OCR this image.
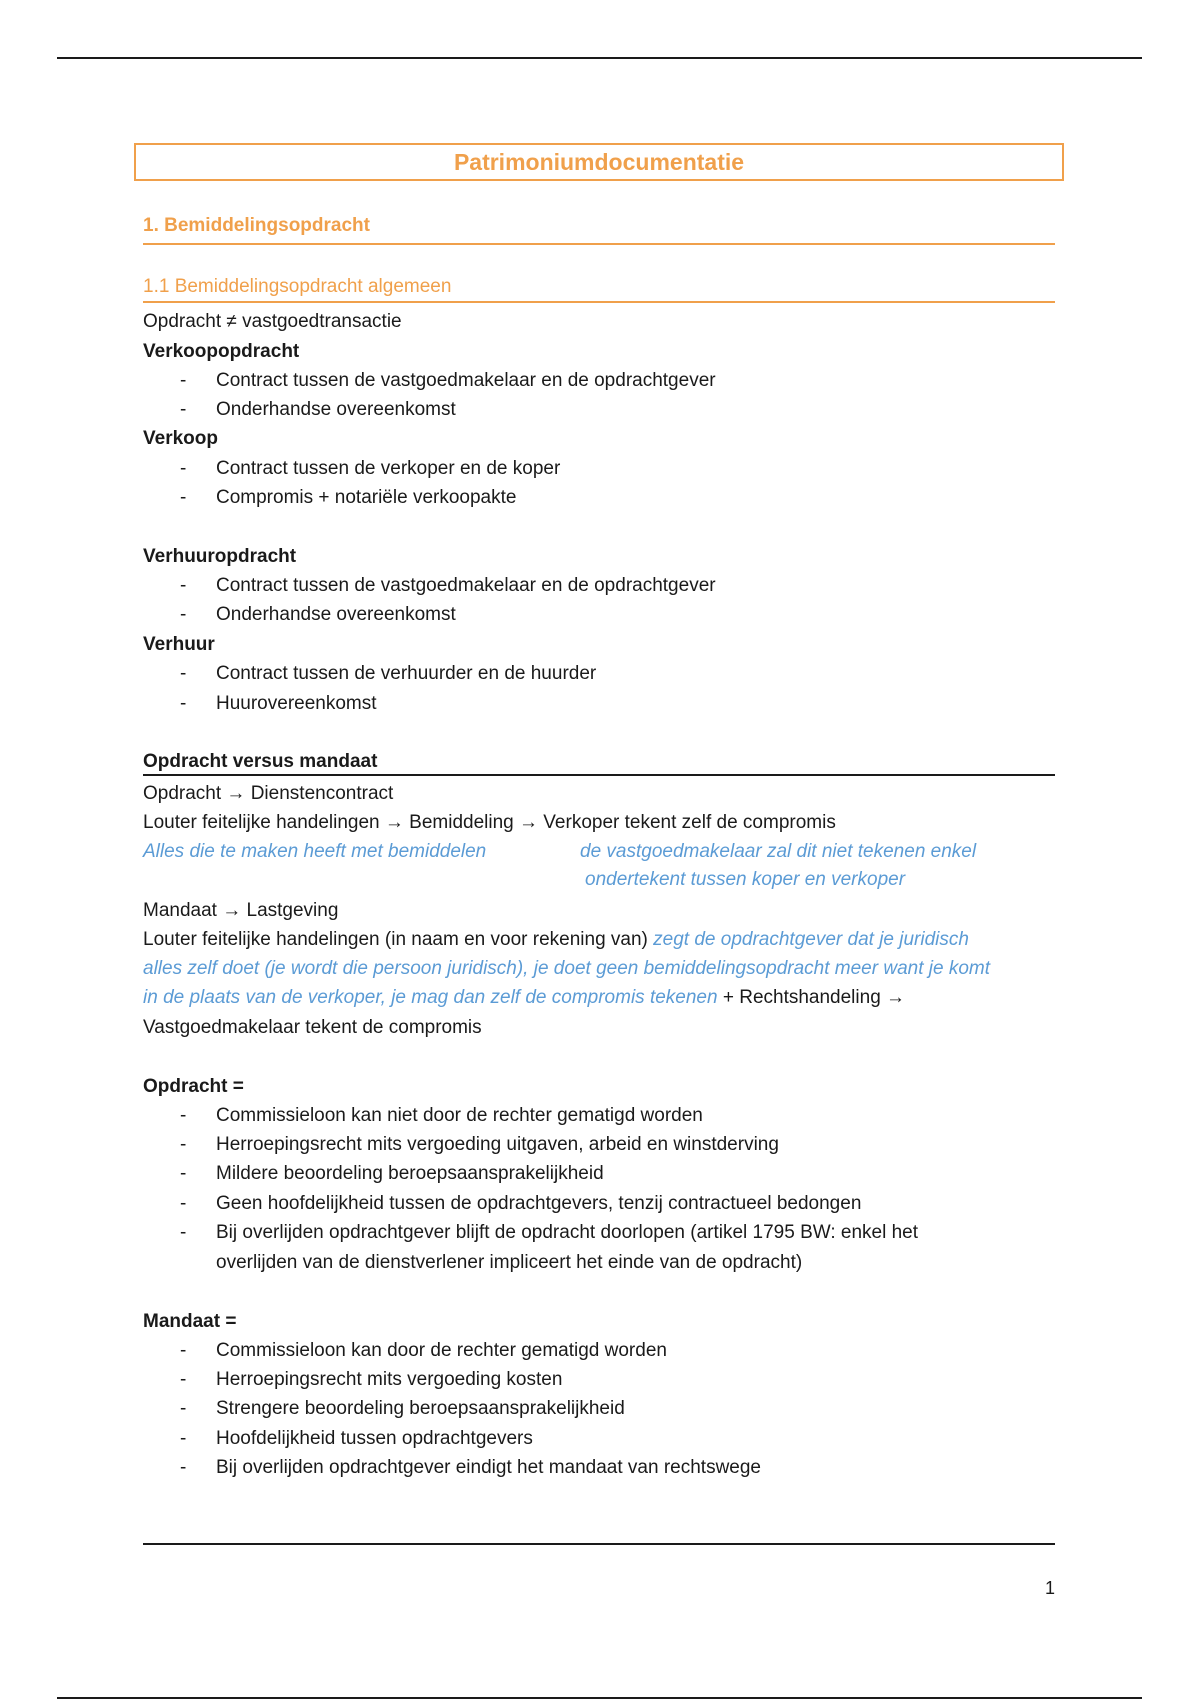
Patrimoniumdocumentatie
1. Bemiddelingsopdracht
1.1 Bemiddelingsopdracht algemeen
Opdracht ≠ vastgoedtransactie
Verkoopopdracht
- Contract tussen de vastgoedmakelaar en de opdrachtgever
- Onderhandse overeenkomst
Verkoop
- Contract tussen de verkoper en de koper
- Compromis + notariële verkoopakte
Verhuuropdracht
- Contract tussen de vastgoedmakelaar en de opdrachtgever
- Onderhandse overeenkomst
Verhuur
- Contract tussen de verhuurder en de huurder
- Huurovereenkomst
Opdracht versus mandaat
Opdracht → Dienstencontract
Louter feitelijke handelingen → Bemiddeling → Verkoper tekent zelf de compromis
Alles die te maken heeft met bemiddelen	de vastgoedmakelaar zal dit niet tekenen enkel
ondertekent tussen koper en verkoper
Mandaat → Lastgeving
Louter feitelijke handelingen (in naam en voor rekening van) zegt de opdrachtgever dat je juridisch
alles zelf doet (je wordt die persoon juridisch), je doet geen bemiddelingsopdracht meer want je komt
in de plaats van de verkoper, je mag dan zelf de compromis tekenen + Rechtshandeling →
Vastgoedmakelaar tekent de compromis
Opdracht =
- Commissieloon kan niet door de rechter gematigd worden
- Herroepingsrecht mits vergoeding uitgaven, arbeid en winstderving
- Mildere beoordeling beroepsaansprakelijkheid
- Geen hoofdelijkheid tussen de opdrachtgevers, tenzij contractueel bedongen
- Bij overlijden opdrachtgever blijft de opdracht doorlopen (artikel 1795 BW: enkel het
overlijden van de dienstverlener impliceert het einde van de opdracht)
Mandaat =
- Commissieloon kan door de rechter gematigd worden
- Herroepingsrecht mits vergoeding kosten
- Strengere beoordeling beroepsaansprakelijkheid
- Hoofdelijkheid tussen opdrachtgevers
- Bij overlijden opdrachtgever eindigt het mandaat van rechtswege
1
